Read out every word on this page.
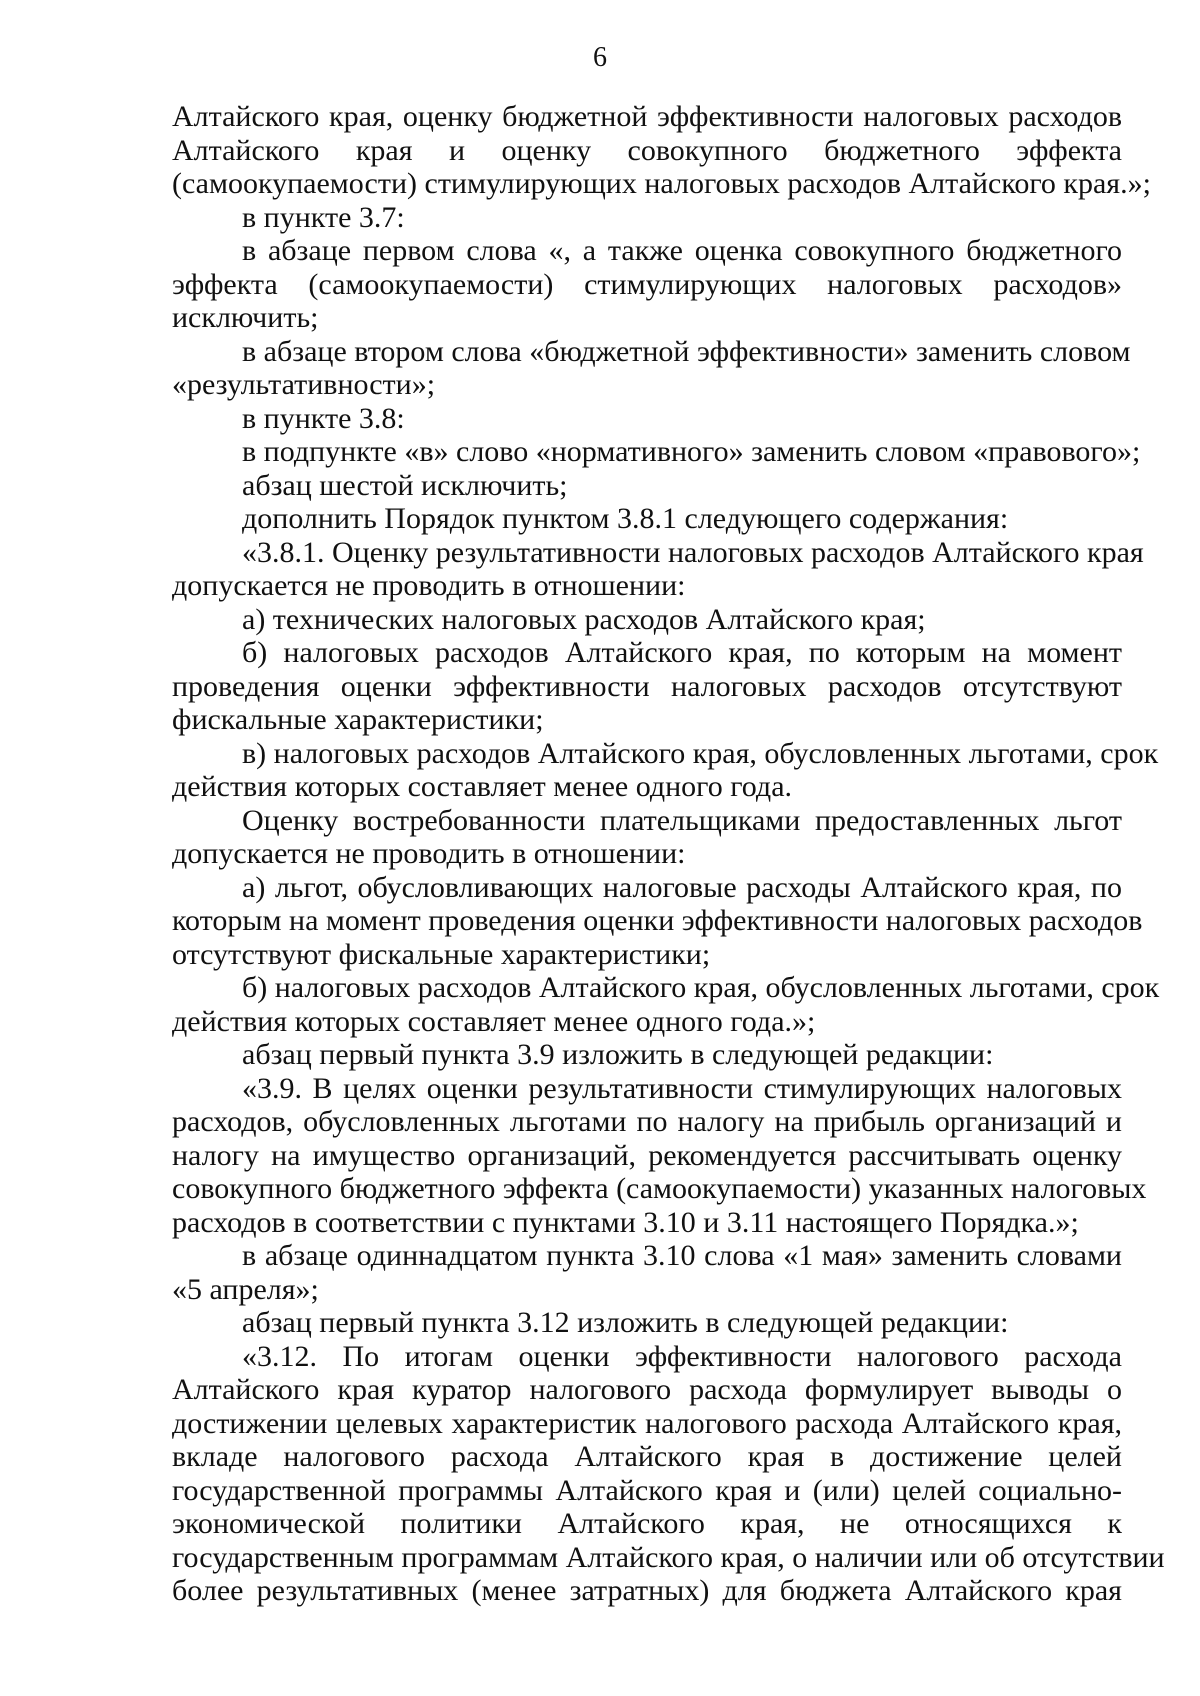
6
Алтайского края, оценку бюджетной эффективности налоговых расходов
Алтайского края и оценку совокупного бюджетного эффекта
(самоокупаемости) стимулирующих налоговых расходов Алтайского края.»;
в пункте 3.7:
в абзаце первом слова «, а также оценка совокупного бюджетного
эффекта (самоокупаемости) стимулирующих налоговых расходов»
исключить;
в абзаце втором слова «бюджетной эффективности» заменить словом
«результативности»;
в пункте 3.8:
в подпункте «в» слово «нормативного» заменить словом «правового»;
абзац шестой исключить;
дополнить Порядок пунктом 3.8.1 следующего содержания:
«3.8.1. Оценку результативности налоговых расходов Алтайского края
допускается не проводить в отношении:
а) технических налоговых расходов Алтайского края;
б) налоговых расходов Алтайского края, по которым на момент
проведения оценки эффективности налоговых расходов отсутствуют
фискальные характеристики;
в) налоговых расходов Алтайского края, обусловленных льготами, срок
действия которых составляет менее одного года.
Оценку востребованности плательщиками предоставленных льгот
допускается не проводить в отношении:
а) льгот, обусловливающих налоговые расходы Алтайского края, по
которым на момент проведения оценки эффективности налоговых расходов
отсутствуют фискальные характеристики;
б) налоговых расходов Алтайского края, обусловленных льготами, срок
действия которых составляет менее одного года.»;
абзац первый пункта 3.9 изложить в следующей редакции:
«3.9. В целях оценки результативности стимулирующих налоговых
расходов, обусловленных льготами по налогу на прибыль организаций и
налогу на имущество организаций, рекомендуется рассчитывать оценку
совокупного бюджетного эффекта (самоокупаемости) указанных налоговых
расходов в соответствии с пунктами 3.10 и 3.11 настоящего Порядка.»;
в абзаце одиннадцатом пункта 3.10 слова «1 мая» заменить словами
«5 апреля»;
абзац первый пункта 3.12 изложить в следующей редакции:
«3.12. По итогам оценки эффективности налогового расхода
Алтайского края куратор налогового расхода формулирует выводы о
достижении целевых характеристик налогового расхода Алтайского края,
вкладе налогового расхода Алтайского края в достижение целей
государственной программы Алтайского края и (или) целей социально-
экономической политики Алтайского края, не относящихся к
государственным программам Алтайского края, о наличии или об отсутствии
более результативных (менее затратных) для бюджета Алтайского края
